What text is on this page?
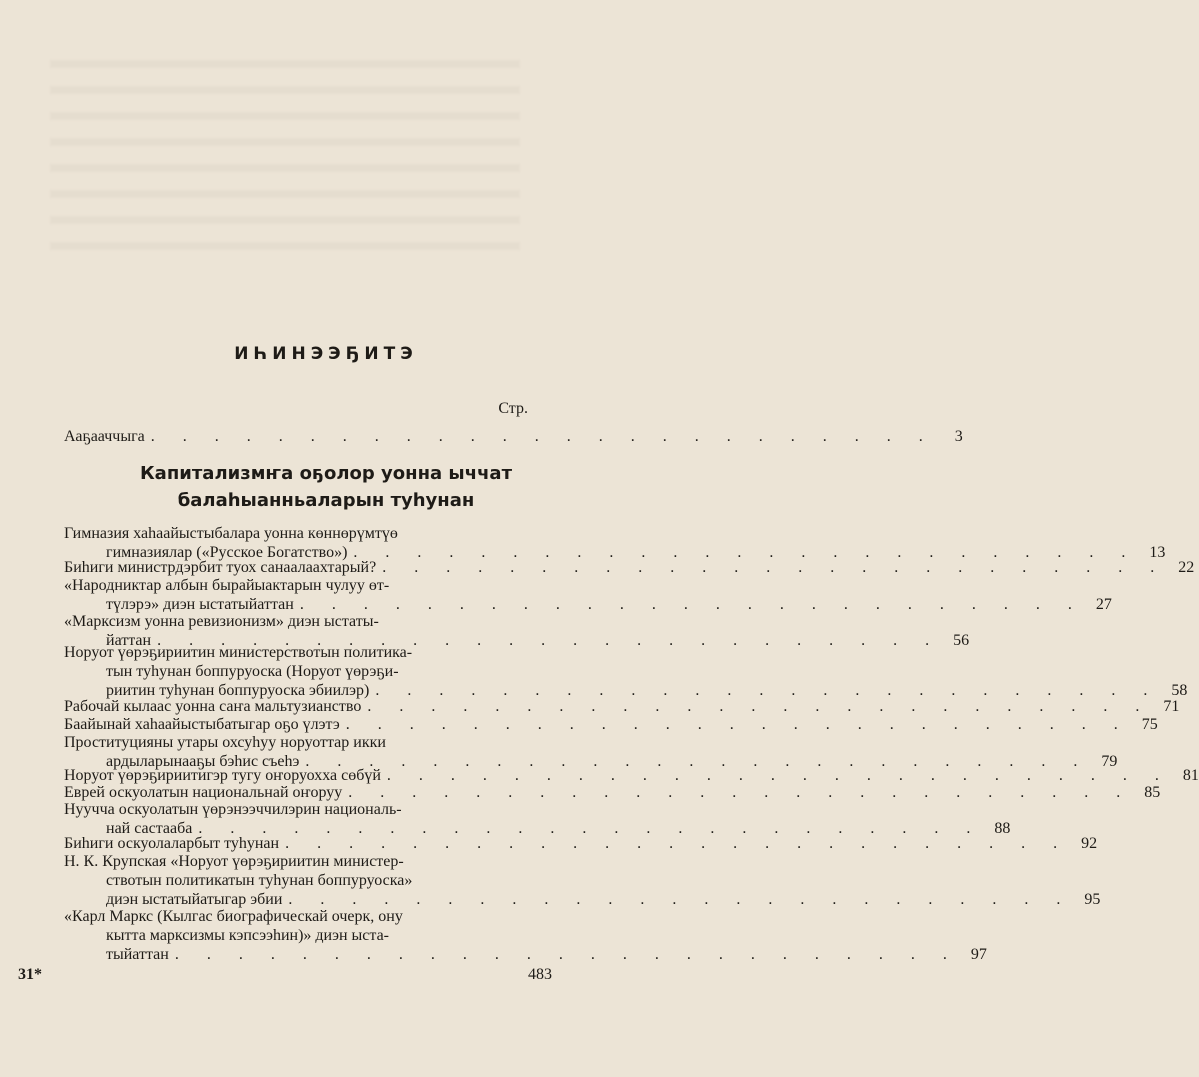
ИҺИНЭЭҔИТЭ
Стр.
Ааҕааччыга . . . . . . . . . . . . . . . . . . . . . . . . .	3
Капитализмҥа оҕолор уонна ыччат
балаһыанньаларын туһунан
Гимназия хаһаайыстыбалара уонна көннөрүмтүө
гимназиялар («Русское Богатство») . . . . . . . . . . . . . . . . . . . . . . . . . 13
Биһиги министрдэрбит туох санаалаахтарый? . . . . . . . . . . . . . . . . . . . . . . . . . 22
«Народниктар албын бырайыактарын чулуу өт-
түлэрэ» диэн ыстатыйаттан . . . . . . . . . . . . . . . . . . . . . . . . . 27
«Марксизм уонна ревизионизм» диэн ыстаты-
йаттан . . . . . . . . . . . . . . . . . . . . . . . . . 56
Норуот үөрэҕириитин министерствотын политика-
тын туһунан боппуруоска (Норуот үөрэҕи-
риитин туһунан боппуруоска эбиилэр) . . . . . . . . . . . . . . . . . . . . . . . . . 58
Рабочай кылаас уонна саҥа мальтузианство . . . . . . . . . . . . . . . . . . . . . . . . . 71
Баайынай хаһаайыстыбатыгар оҕо үлэтэ . . . . . . . . . . . . . . . . . . . . . . . . . 75
Проституцияны утары охсуһуу норуоттар икки
ардыларынааҕы бэһис съеһэ . . . . . . . . . . . . . . . . . . . . . . . . . 79
Норуот үөрэҕириитигэр тугу оҥоруохха сөбүй . . . . . . . . . . . . . . . . . . . . . . . . . 81
Еврей оскуолатын национальнай оҥоруу . . . . . . . . . . . . . . . . . . . . . . . . . 85
Нуучча оскуолатын үөрэнээччилэрин националь-
най састааба . . . . . . . . . . . . . . . . . . . . . . . . . 88
Биһиги оскуолаларбыт туһунан . . . . . . . . . . . . . . . . . . . . . . . . . 92
Н. К. Крупская «Норуот үөрэҕириитин министер-
ствотын политикатын туһунан боппуруоска»
диэн ыстатыйатыгар эбии . . . . . . . . . . . . . . . . . . . . . . . . . 95
«Карл Маркс (Кылгас биографическай очерк, ону
кытта марксизмы кэпсээһин)» диэн ыста-
тыйаттан . . . . . . . . . . . . . . . . . . . . . . . . . 97
31*	483
